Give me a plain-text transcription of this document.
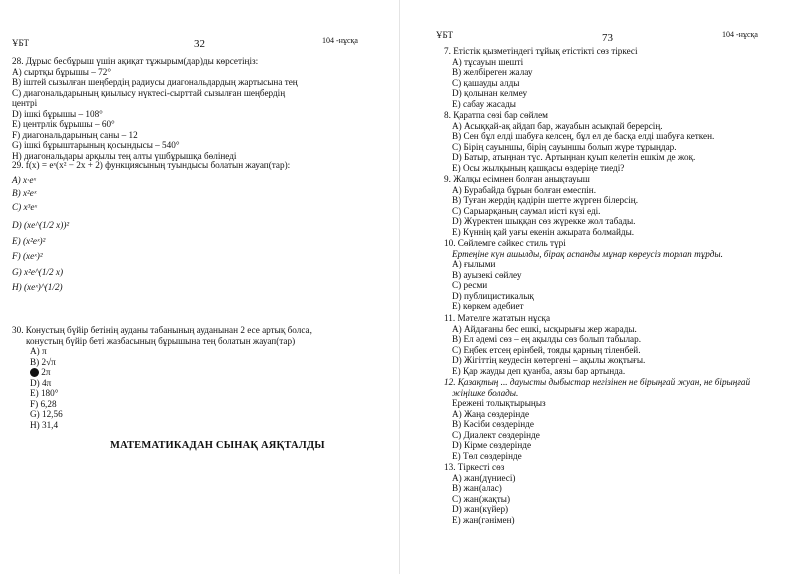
ҰБТ	32	104 -нұсқа
28. Дұрыс бесбұрыш үшін ақиқат тұжырым(дар)ды көрсетіңіз:
А) сыртқы бұрышы – 72°
B) іштей сызылған шеңбердің радиусы диагональдардың жартысына тең
C) диагональдарының қиылысу нүктесі-сырттай сызылған шеңбердің
центрі
D) ішкі бұрышы – 108°
E) центрлік бұрышы – 60°
F) диагональдарының саны – 12
G) ішкі бұрыштарының қосындысы – 540°
H) диагональдары арқылы тең алты үшбұрышқа бөлінеді
29. f(x) = eˣ(x² − 2x + 2) функциясының туындысы болатын жауап(тар):
A) x·eˣ
B) x²eˣ
C) x³eˣ
D) (xe^(1/2 x))²
E) (x²eˣ)²
F) (xeˣ)²
G) x²e^(1/2 x)
H) (xeˣ)^(1/2)
30. Конустың бүйір бетінің ауданы табанының ауданынан 2 есе артық болса,
конустың бүйір беті жазбасының бұрышына тең болатын жауап(тар)
A) π
B) 2√π
2π
D) 4π
E) 180°
F) 6,28
G) 12,56
H) 31,4
МАТЕМАТИКАДАН СЫНАҚ АЯҚТАЛДЫ
ҰБТ	73	104 -нұсқа
7. Етістік қызметіндегі тұйық етістікті сөз тіркесі
А) тұсауын шешті
В) желбіреген жалау
С) қашауды алды
D) қолынан келмеу
Е) сабау жасады
8. Қаратпа сөзі бар сөйлем
А) Асыққай-ақ айдап бар, жауабын асықпай берерсің.
В) Сен бұл елді шабуға келсең, бұл ел де басқа елді шабуға кеткен.
С) Бірің сауыншы, бірің сауыншы болып жүре тұрыңдар.
D) Батыр, атыңнан түс. Артыңнан қуып келетін ешкім де жоқ.
Е) Осы жылқының қашқасы өздеріңе тиеді?
9. Жалқы есімнен болған анықтауыш
А) Бурабайда бұрын болған емеспін.
В) Туған жердің қадірін шетте жүрген білерсің.
С) Сарыарқаның саумал иісті күзі еді.
D) Жүректен шыққан сөз жүрекке жол табады.
Е) Күннің қай уағы екенін ажырата болмайды.
10. Сөйлемге сәйкес стиль түрі
Ертеңіне күн ашылды, бірақ аспанды мұнар көреусіз торлап тұрды.
А) ғылыми
В) ауызекі сөйлеу
С) ресми
D) публицистикалық
Е) көркем әдебиет
11. Мәтелге жататын нұсқа
А) Айдағаны бес ешкі, ысқырығы жер жарады.
В) Ел әдемі сөз – ең ақылды сөз болып табылар.
С) Еңбек етсең ерінбей, тояды қарның тіленбей.
D) Жігіттің кеудесін көтергені – ақылы жоқтығы.
Е) Қар жауды деп қуанба, аязы бар артында.
12. Қазақтың ... дауысты дыбыстар негізінен не бірыңғай жуан, не бірыңғай
жіңішке болады.
Ережені толықтырыңыз
А) Жаңа сөздерінде
В) Кәсіби сөздерінде
С) Диалект сөздерінде
D) Кірме сөздерінде
Е) Төл сөздерінде
13. Тіркесті сөз
А) жан(дүниесі)
В) жан(алас)
С) жан(жақты)
D) жан(күйер)
Е) жан(гәнімен)
